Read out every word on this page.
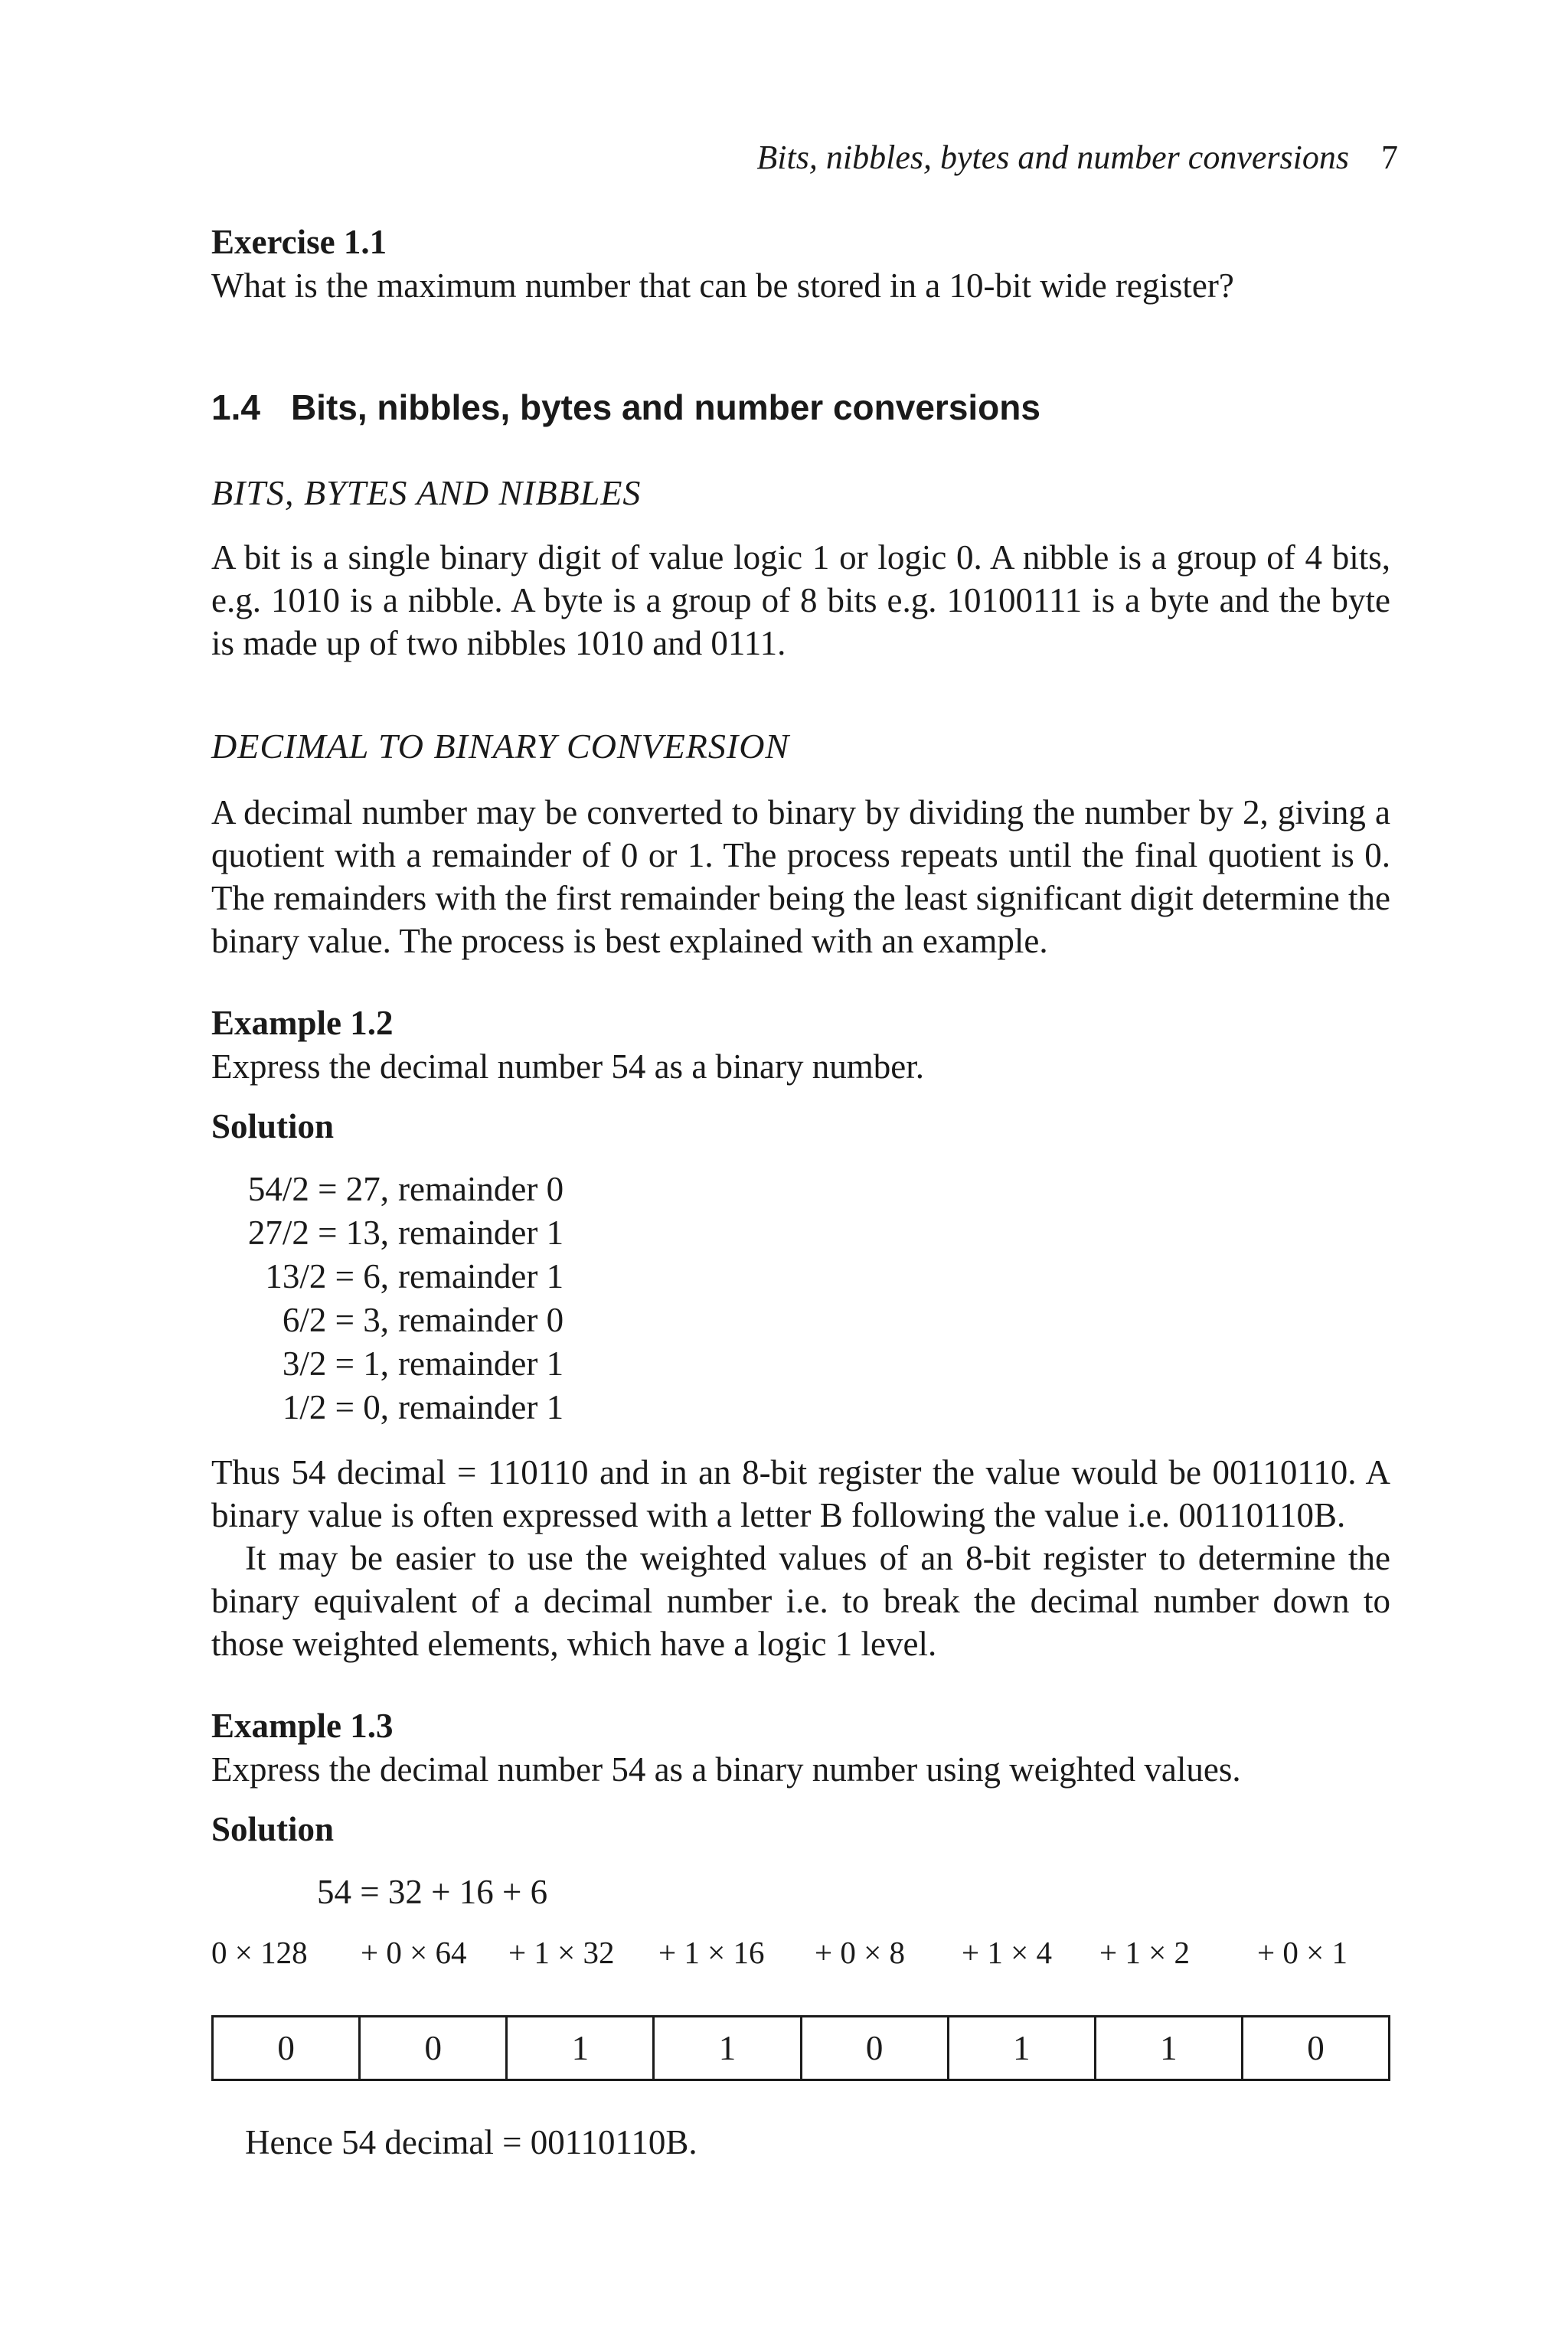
Bits, nibbles, bytes and number conversions 7
Exercise 1.1
What is the maximum number that can be stored in a 10-bit wide register?
1.4 Bits, nibbles, bytes and number conversions
BITS, BYTES AND NIBBLES

A bit is a single binary digit of value logic 1 or logic 0. A nibble is a group of 4 bits, e.g. 1010 is a nibble. A byte is a group of 8 bits e.g. 10100111 is a byte and the byte is made up of two nibbles 1010 and 0111.

DECIMAL TO BINARY CONVERSION

A decimal number may be converted to binary by dividing the number by 2, giving a quotient with a remainder of 0 or 1. The process repeats until the final quotient is 0. The remainders with the first remainder being the least significant digit determine the binary value. The process is best explained with an example.

Example 1.2
Express the decimal number 54 as a binary number.
Solution
54/2 = 27, remainder 0
27/2 = 13, remainder 1
13/2 = 6, remainder 1
6/2 = 3, remainder 0
3/2 = 1, remainder 1
1/2 = 0, remainder 1

Thus 54 decimal = 110110 and in an 8-bit register the value would be 00110110. A binary value is often expressed with a letter B following the value i.e. 00110110B.

It may be easier to use the weighted values of an 8-bit register to determine the binary equivalent of a decimal number i.e. to break the decimal number down to those weighted elements, which have a logic 1 level.

Example 1.3
Express the decimal number 54 as a binary number using weighted values.
Solution
54 = 32 + 16 + 6
0 × 128 + 0 × 64 + 1 × 32 + 1 × 16 + 0 × 8 + 1 × 4 + 1 × 2 + 0 × 1
0	0	1	1	0	1	1	0
Hence 54 decimal = 00110110B.
